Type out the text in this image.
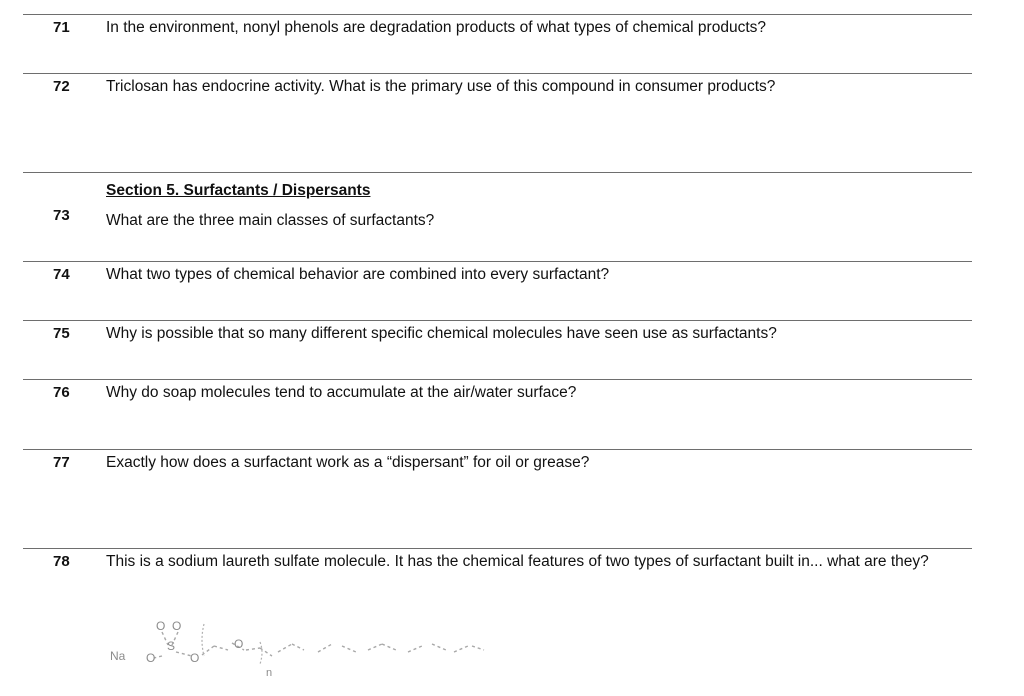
71	In the environment, nonyl phenols are degradation products of what types of chemical products?
72	Triclosan has endocrine activity. What is the primary use of this compound in consumer products?
Section 5. Surfactants / Dispersants
73	What are the three main classes of surfactants?
74	What two types of chemical behavior are combined into every surfactant?
75	Why is possible that so many different specific chemical molecules have seen use as surfactants?
76	Why do soap molecules tend to accumulate at the air/water surface?
77	Exactly how does a surfactant work as a “dispersant” for oil or grease?
78	This is a sodium laureth sulfate molecule. It has the chemical features of two types of surfactant built in... what are they?
Na O
O O
S
O
O
n
